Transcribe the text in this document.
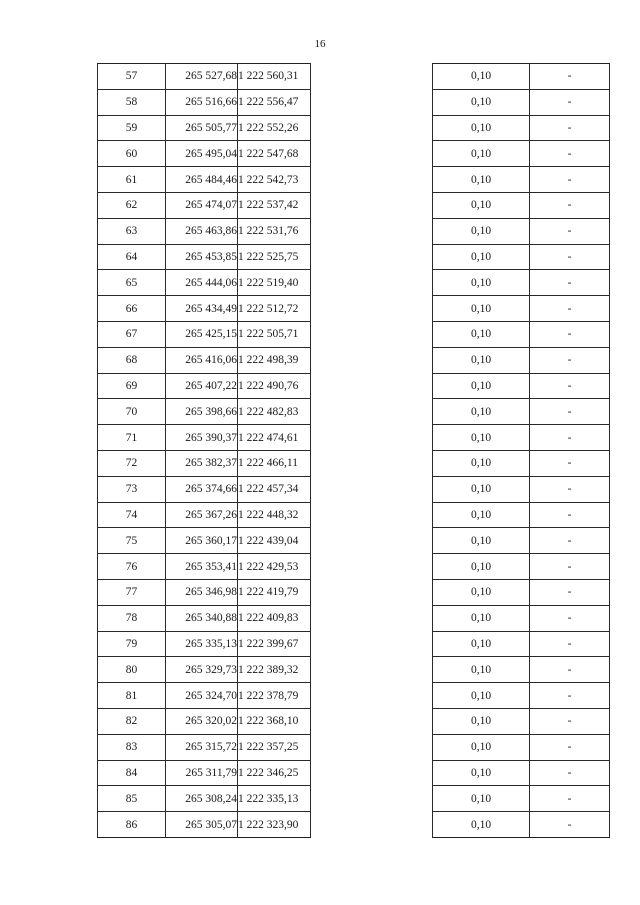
16
57	265 527,68	1 222 560,31		0,10	-
58	265 516,66	1 222 556,47		0,10	-
59	265 505,77	1 222 552,26		0,10	-
60	265 495,04	1 222 547,68		0,10	-
61	265 484,46	1 222 542,73		0,10	-
62	265 474,07	1 222 537,42		0,10	-
63	265 463,86	1 222 531,76		0,10	-
64	265 453,85	1 222 525,75		0,10	-
65	265 444,06	1 222 519,40		0,10	-
66	265 434,49	1 222 512,72		0,10	-
67	265 425,15	1 222 505,71		0,10	-
68	265 416,06	1 222 498,39		0,10	-
69	265 407,22	1 222 490,76		0,10	-
70	265 398,66	1 222 482,83		0,10	-
71	265 390,37	1 222 474,61		0,10	-
72	265 382,37	1 222 466,11		0,10	-
73	265 374,66	1 222 457,34		0,10	-
74	265 367,26	1 222 448,32		0,10	-
75	265 360,17	1 222 439,04		0,10	-
76	265 353,41	1 222 429,53		0,10	-
77	265 346,98	1 222 419,79		0,10	-
78	265 340,88	1 222 409,83		0,10	-
79	265 335,13	1 222 399,67		0,10	-
80	265 329,73	1 222 389,32		0,10	-
81	265 324,70	1 222 378,79		0,10	-
82	265 320,02	1 222 368,10		0,10	-
83	265 315,72	1 222 357,25		0,10	-
84	265 311,79	1 222 346,25		0,10	-
85	265 308,24	1 222 335,13		0,10	-
86	265 305,07	1 222 323,90		0,10	-
